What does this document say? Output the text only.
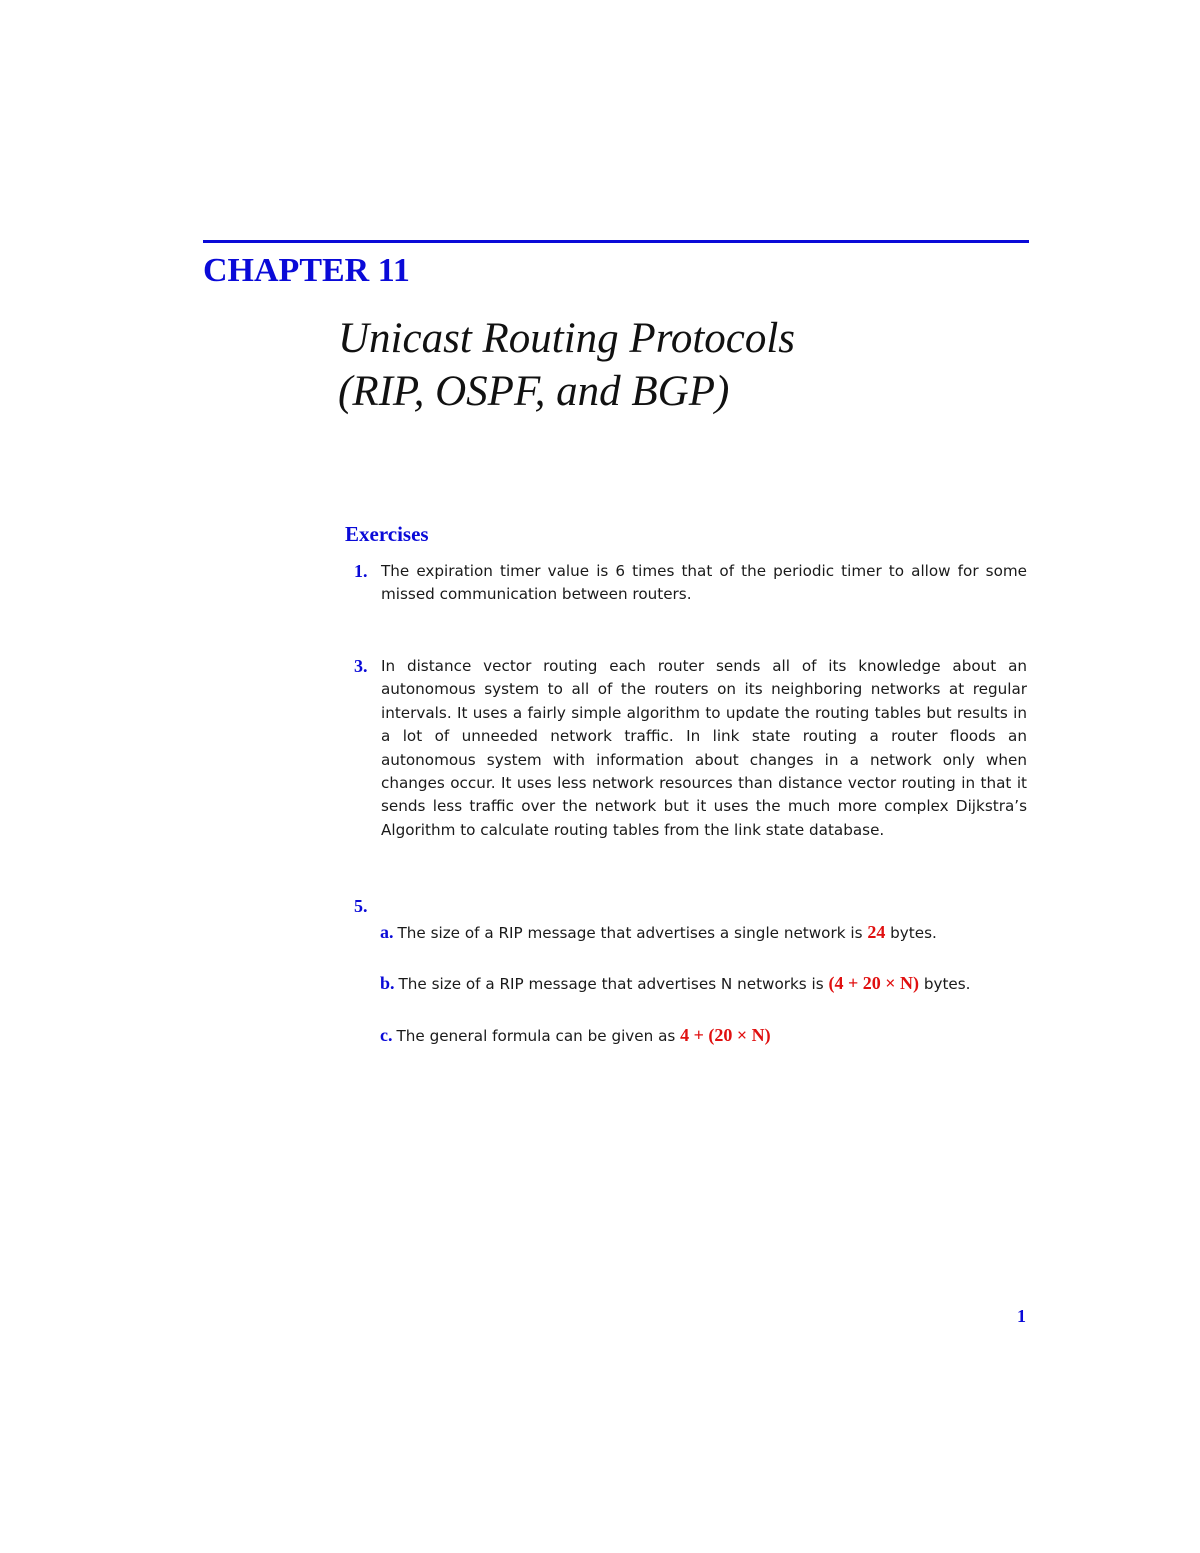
CHAPTER 11
Unicast Routing Protocols
(RIP, OSPF, and BGP)
Exercises
1. The expiration timer value is 6 times that of the periodic timer to allow for some missed communication between routers.
3. In distance vector routing each router sends all of its knowledge about an autonomous system to all of the routers on its neighboring networks at regular intervals. It uses a fairly simple algorithm to update the routing tables but results in a lot of unneeded network traffic. In link state routing a router floods an autonomous system with information about changes in a network only when changes occur. It uses less network resources than distance vector routing in that it sends less traffic over the network but it uses the much more complex Dijkstra’s Algorithm to calculate routing tables from the link state database.
5.
a. The size of a RIP message that advertises a single network is 24 bytes.
b. The size of a RIP message that advertises N networks is (4 + 20 × N) bytes.
c. The general formula can be given as 4 + (20 × N)
1
